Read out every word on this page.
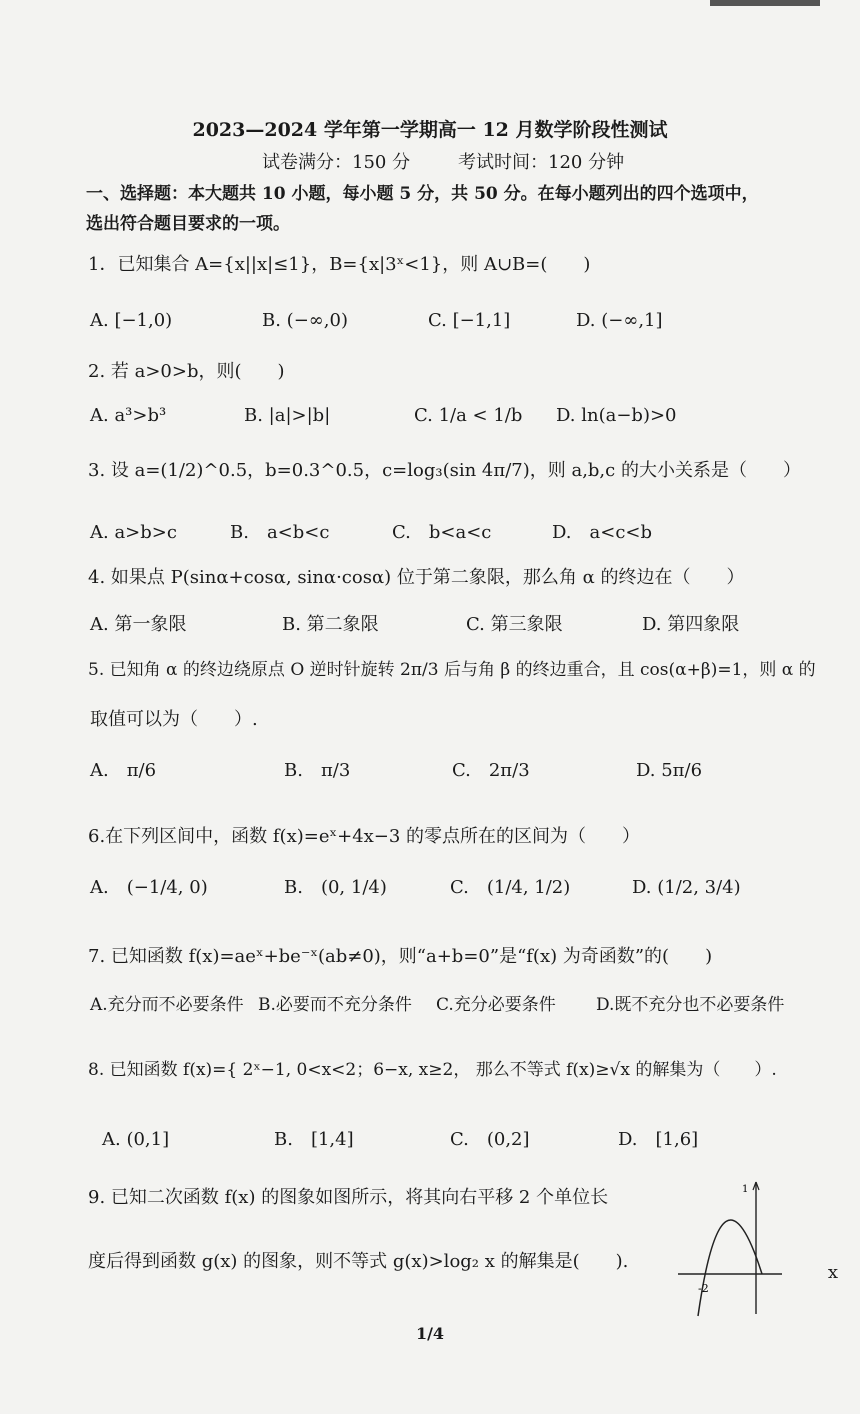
2023—2024 学年第一学期高一 12 月数学阶段性测试
试卷满分：150 分	考试时间：120 分钟
一、选择题：本大题共 10 小题，每小题 5 分，共 50 分。在每小题列出的四个选项中，
选出符合题目要求的一项。
1．已知集合 A={x||x|≤1}，B={x|3ˣ<1}，则 A∪B=(　　)
A. [−1,0)	B. (−∞,0)	C. [−1,1]	D. (−∞,1]
2. 若 a>0>b，则(　　)
A. a³>b³	B. |a|>|b|	C. 1/a < 1/b D. ln(a−b)>0
3. 设 a=(1/2)^0.5，b=0.3^0.5，c=log₃(sin 4π/7)，则 a,b,c 的大小关系是（　　）
A. a>b>c	B.　a<b<c	C.　b<a<c	D.　a<c<b
4. 如果点 P(sinα+cosα, sinα·cosα) 位于第二象限，那么角 α 的终边在（　　）
A. 第一象限	B. 第二象限	C. 第三象限	D. 第四象限
5. 已知角 α 的终边绕原点 O 逆时针旋转 2π/3 后与角 β 的终边重合，且 cos(α+β)=1，则 α 的
取值可以为（　　）.
A.　π/6	B.　π/3	C.　2π/3	D. 5π/6
6.在下列区间中，函数 f(x)=eˣ+4x−3 的零点所在的区间为（　　）
A.　(−1/4, 0)	B.　(0, 1/4)	C.　(1/4, 1/2)	D. (1/2, 3/4)
7. 已知函数 f(x)=aeˣ+be⁻ˣ(ab≠0)，则“a+b=0”是“f(x) 为奇函数”的(　　)
A.充分而不必要条件 B.必要而不充分条件 C.充分必要条件 D.既不充分也不必要条件
8. 已知函数 f(x)={ 2ˣ−1, 0<x<2；6−x, x≥2， 那么不等式 f(x)≥√x 的解集为（　　）.
A. (0,1]	B.　[1,4]	C.　(0,2]	D.　[1,6]
9. 已知二次函数 f(x) 的图象如图所示，将其向右平移 2 个单位长
度后得到函数 g(x) 的图象，则不等式 g(x)>log₂ x 的解集是(　　).
1
-2
x
1/4
